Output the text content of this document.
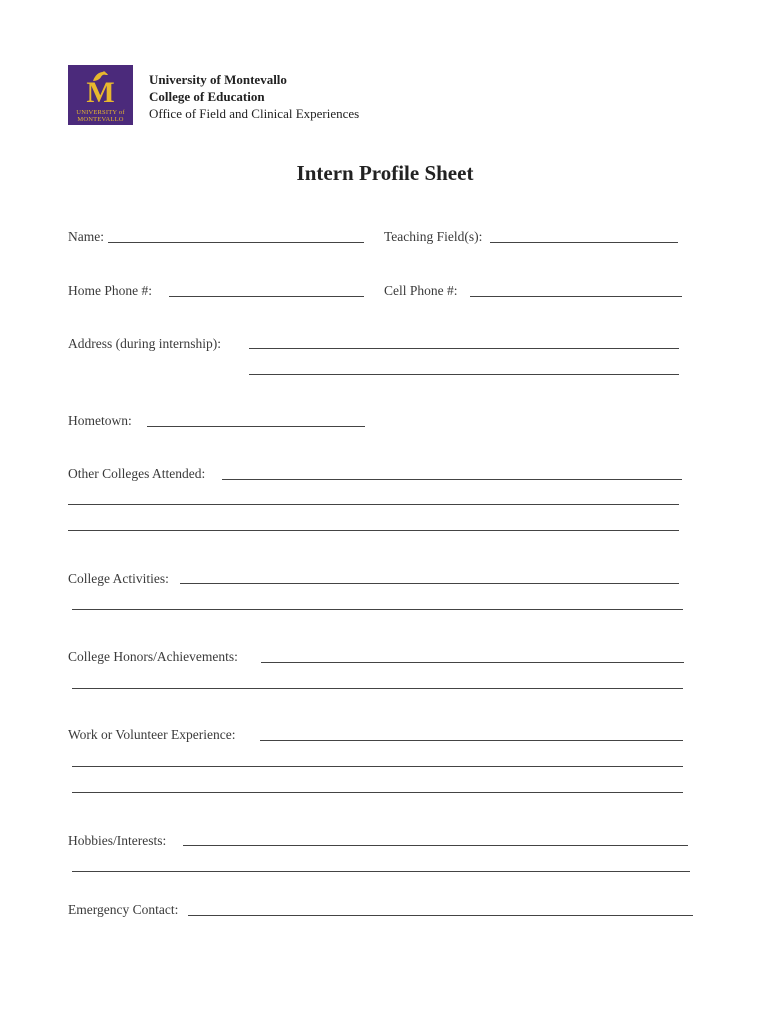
M
UNIVERSITY of
MONTEVALLO
University of Montevallo
College of Education
Office of Field and Clinical Experiences
Intern Profile Sheet
Name:	Teaching Field(s):
Home Phone #:	Cell Phone #:
Address (during internship):
Hometown:
Other Colleges Attended:
College Activities:
College Honors/Achievements:
Work or Volunteer Experience:
Hobbies/Interests:
Emergency Contact:
